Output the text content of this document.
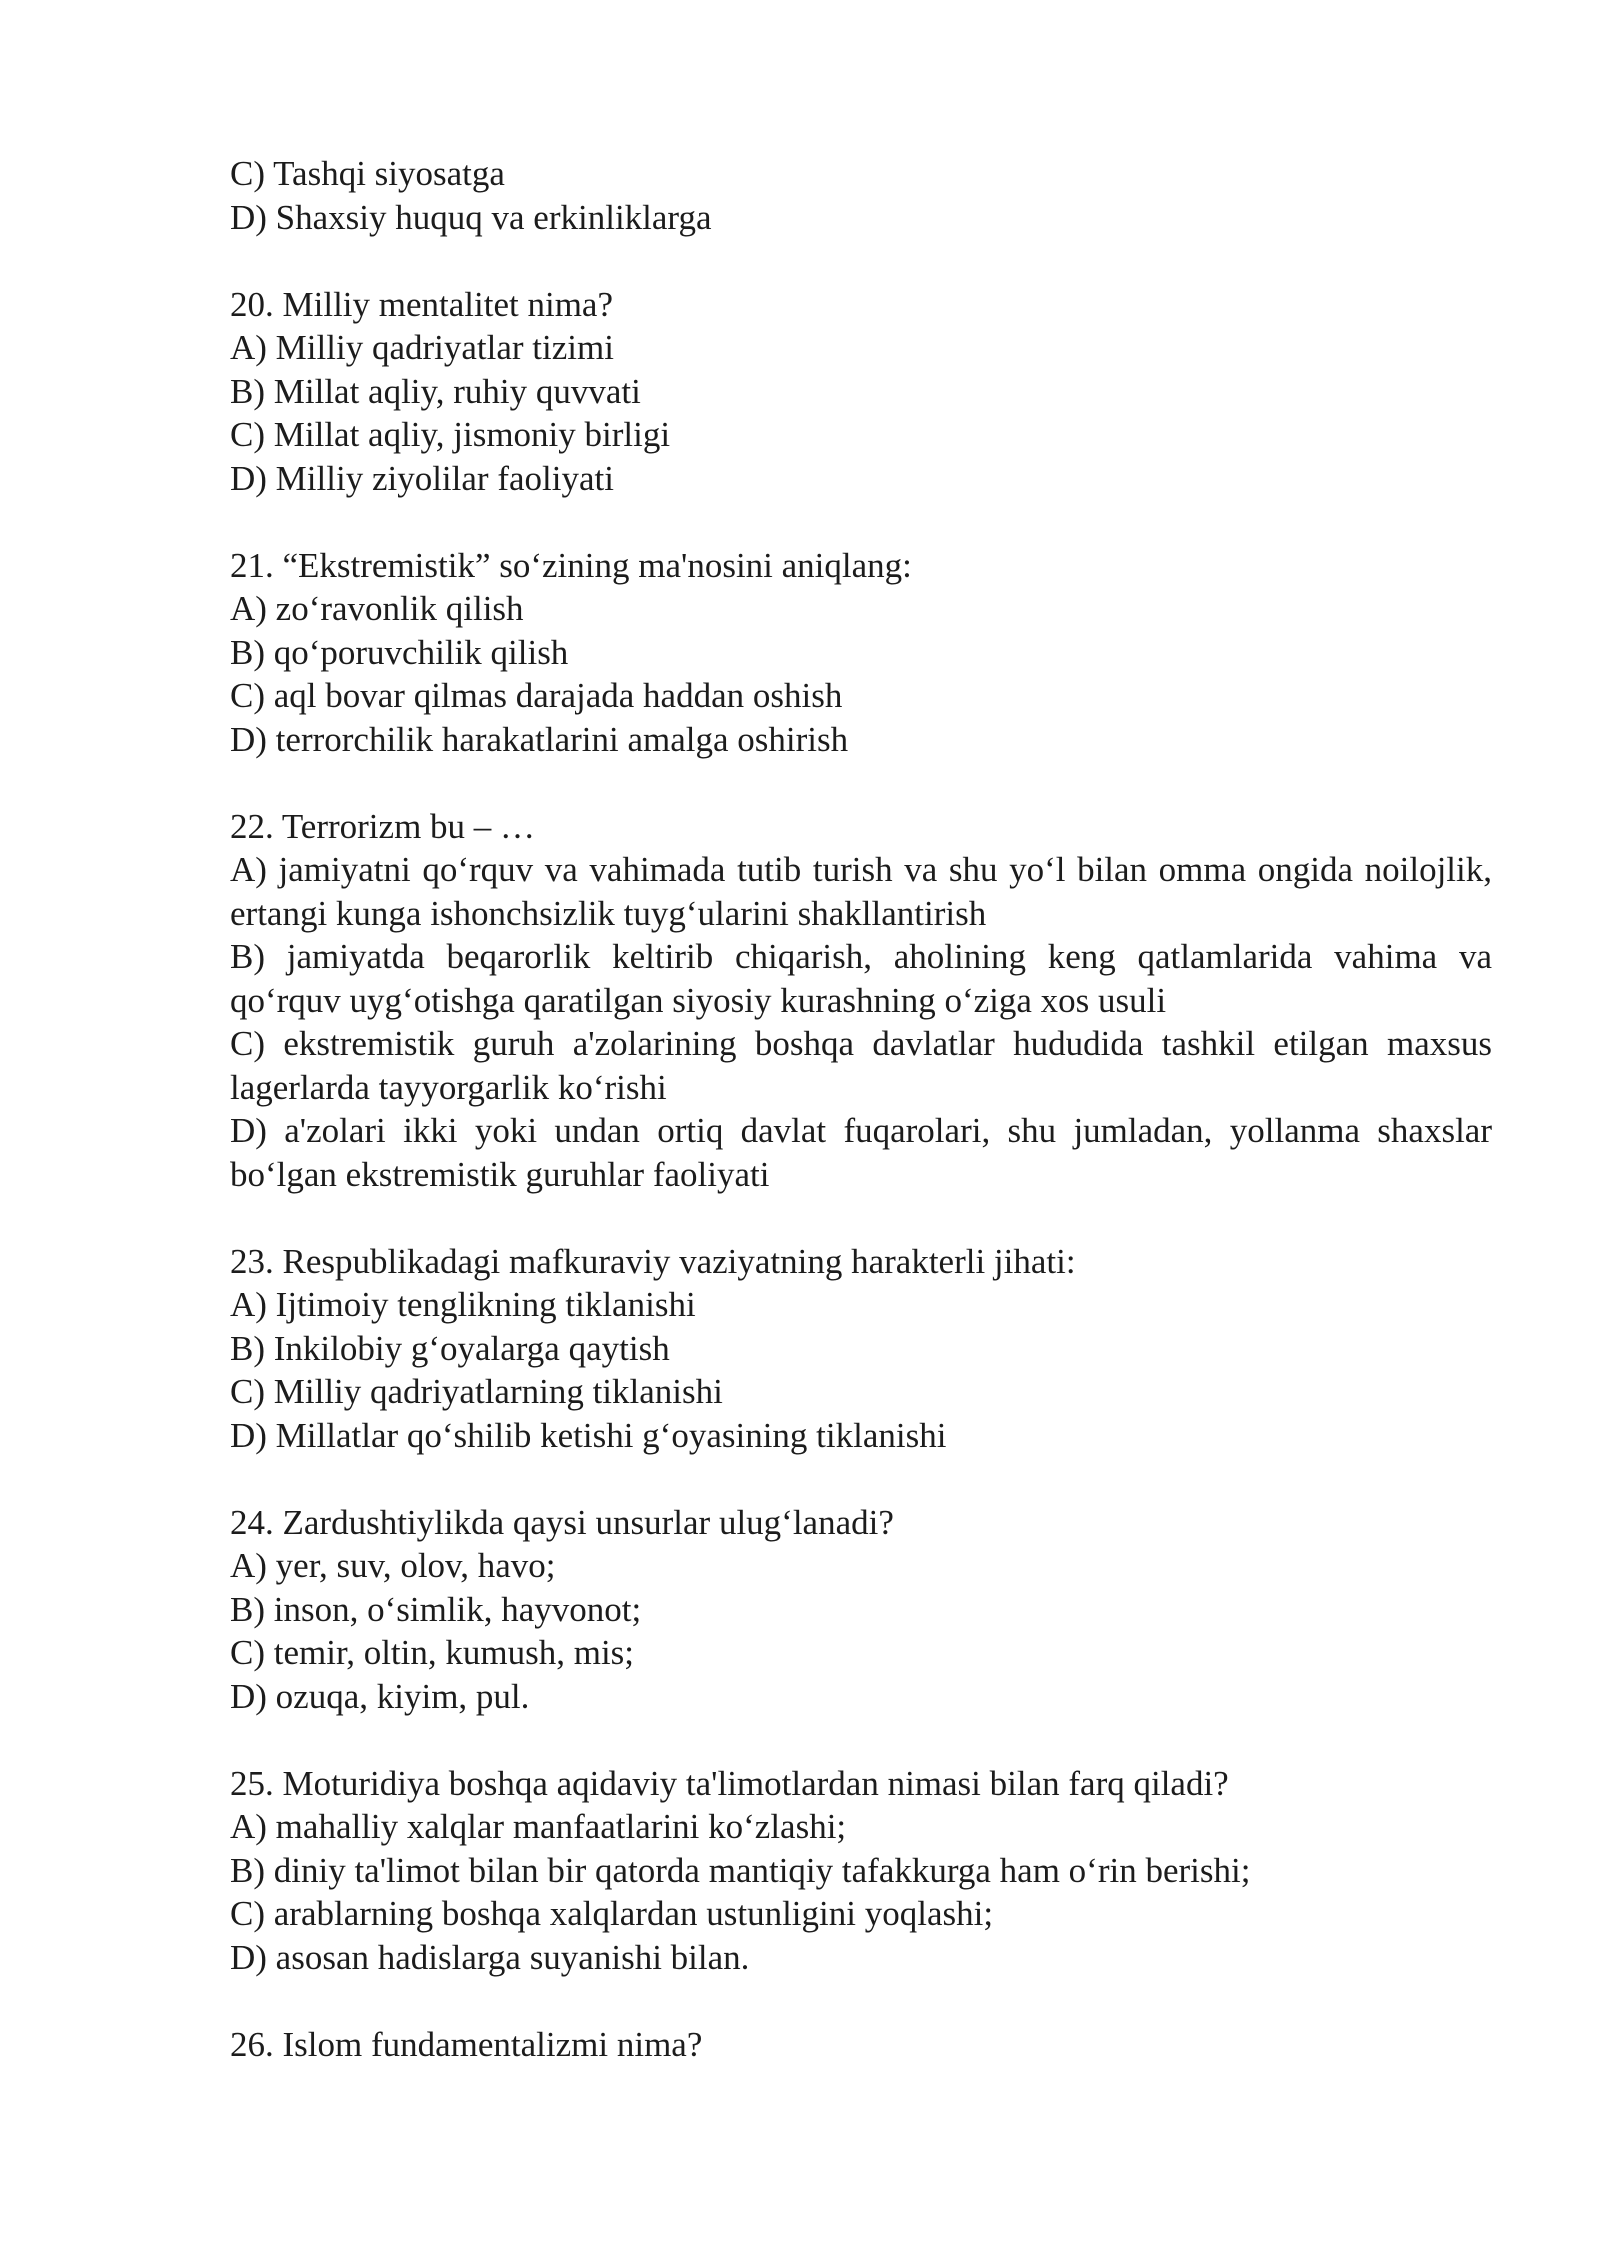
C) Tashqi siyosatga
D) Shaxsiy huquq va erkinliklarga
20. Milliy mentalitet nima?
A) Milliy qadriyatlar tizimi
B) Millat aqliy, ruhiy quvvati
C) Millat aqliy, jismoniy birligi
D) Milliy ziyolilar faoliyati
21. “Ekstremistik” so‘zining ma'nosini aniqlang:
A) zo‘ravonlik qilish
B) qo‘poruvchilik qilish
C) aql bovar qilmas darajada haddan oshish
D) terrorchilik harakatlarini amalga oshirish
22. Terrorizm bu – …
A) jamiyatni qo‘rquv va vahimada tutib turish va shu yo‘l bilan omma ongida noilojlik, ertangi kunga ishonchsizlik tuyg‘ularini shakllantirish
B) jamiyatda beqarorlik keltirib chiqarish, aholining keng qatlamlarida vahima va qo‘rquv uyg‘otishga qaratilgan siyosiy kurashning o‘ziga xos usuli
C) ekstremistik guruh a'zolarining boshqa davlatlar hududida tashkil etilgan maxsus lagerlarda tayyorgarlik ko‘rishi
D) a'zolari ikki yoki undan ortiq davlat fuqarolari, shu jumladan, yollanma shaxslar bo‘lgan ekstremistik guruhlar faoliyati
23. Respublikadagi mafkuraviy vaziyatning harakterli jihati:
A) Ijtimoiy tenglikning tiklanishi
B) Inkilobiy g‘oyalarga qaytish
C) Milliy qadriyatlarning tiklanishi
D) Millatlar qo‘shilib ketishi g‘oyasining tiklanishi
24. Zardushtiylikda qaysi unsurlar ulug‘lanadi?
A) yer, suv, olov, havo;
B) inson, o‘simlik, hayvonot;
C) temir, oltin, kumush, mis;
D) ozuqa, kiyim, pul.
25. Moturidiya boshqa aqidaviy ta'limotlardan nimasi bilan farq qiladi?
A) mahalliy xalqlar manfaatlarini ko‘zlashi;
B) diniy ta'limot bilan bir qatorda mantiqiy tafakkurga ham o‘rin berishi;
C) arablarning boshqa xalqlardan ustunligini yoqlashi;
D) asosan hadislarga suyanishi bilan.
26. Islom fundamentalizmi nima?
